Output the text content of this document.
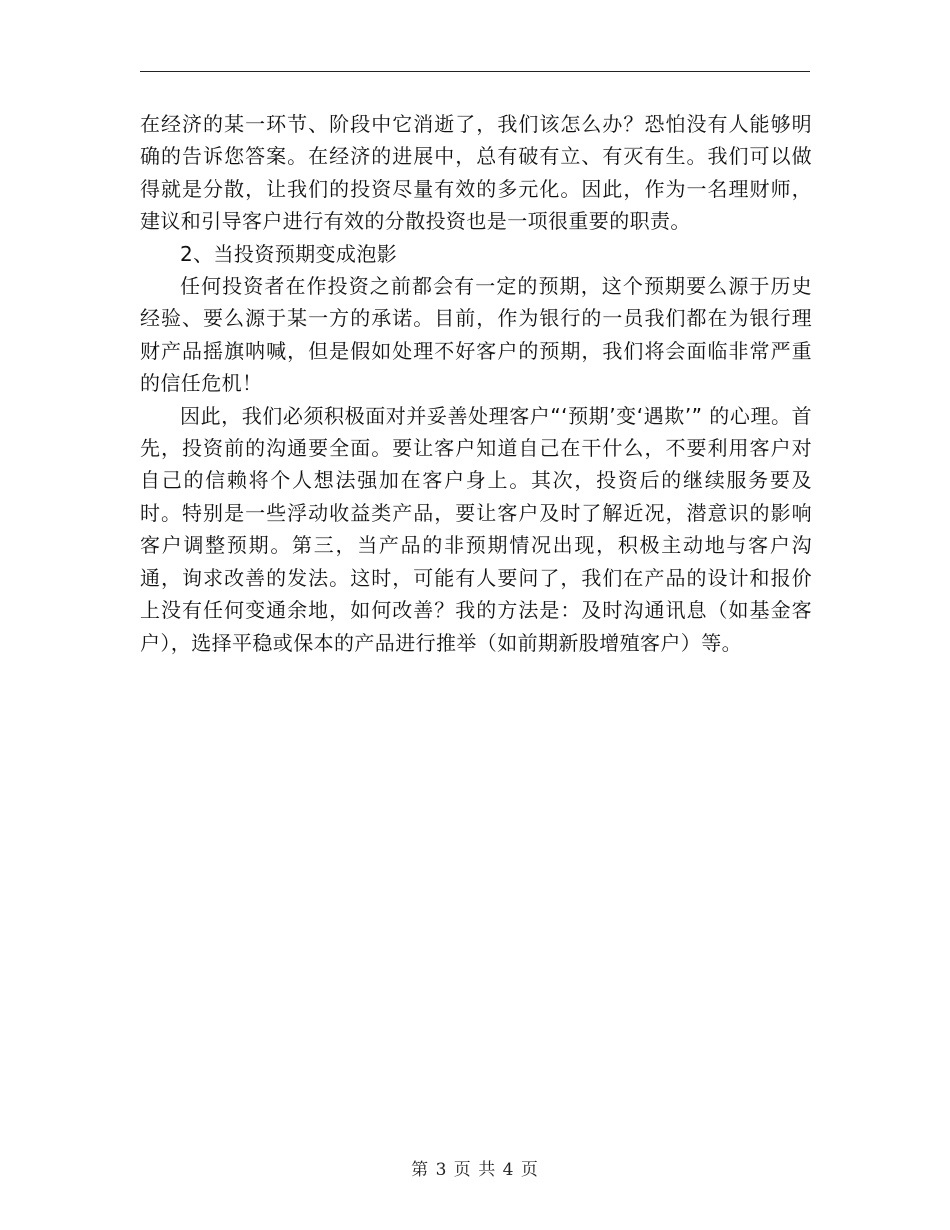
在经济的某一环节、阶段中它消逝了，我们该怎么办？恐怕没有人能够明确的告诉您答案。在经济的进展中，总有破有立、有灭有生。我们可以做得就是分散，让我们的投资尽量有效的多元化。因此，作为一名理财师，建议和引导客户进行有效的分散投资也是一项很重要的职责。

2、当投资预期变成泡影

任何投资者在作投资之前都会有一定的预期，这个预期要么源于历史经验、要么源于某一方的承诺。目前，作为银行的一员我们都在为银行理财产品摇旗呐喊，但是假如处理不好客户的预期，我们将会面临非常严重的信任危机！

因此，我们必须积极面对并妥善处理客户“‘预期’变‘遇欺’” 的心理。首先，投资前的沟通要全面。要让客户知道自己在干什么，不要利用客户对自己的信赖将个人想法强加在客户身上。其次，投资后的继续服务要及时。特别是一些浮动收益类产品，要让客户及时了解近况，潜意识的影响客户调整预期。第三，当产品的非预期情况出现，积极主动地与客户沟通，询求改善的发法。这时，可能有人要问了，我们在产品的设计和报价上没有任何变通余地，如何改善？我的方法是：及时沟通讯息（如基金客户），选择平稳或保本的产品进行推举（如前期新股增殖客户）等。

第 3 页 共 4 页
